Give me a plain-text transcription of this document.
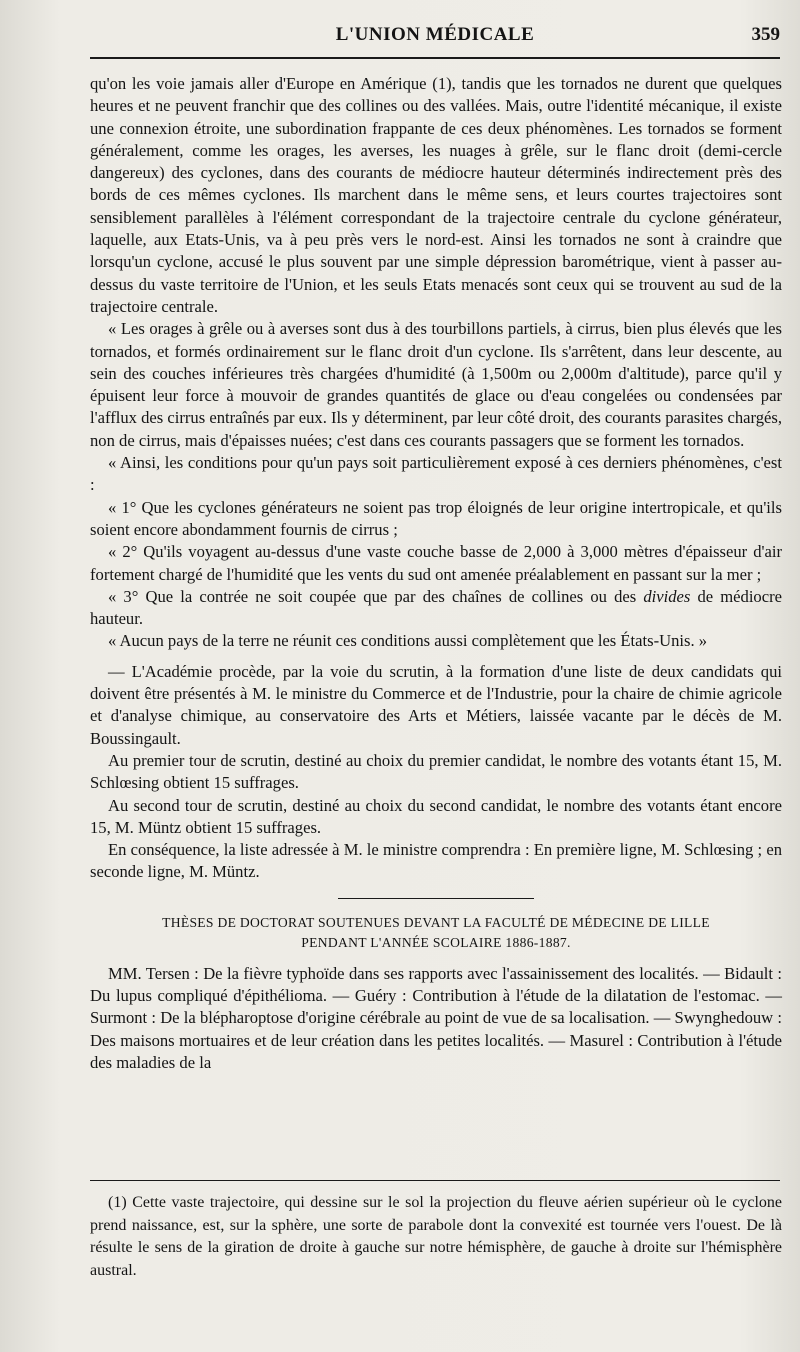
L'UNION MÉDICALE	359

qu'on les voie jamais aller d'Europe en Amérique (1), tandis que les tornados ne durent que quelques heures et ne peuvent franchir que des collines ou des vallées. Mais, outre l'identité mécanique, il existe une connexion étroite, une subordination frappante de ces deux phénomènes. Les tornados se forment généralement, comme les orages, les averses, les nuages à grêle, sur le flanc droit (demi-cercle dangereux) des cyclones, dans des courants de médiocre hauteur déterminés indirectement près des bords de ces mêmes cyclones. Ils marchent dans le même sens, et leurs courtes trajectoires sont sensiblement parallèles à l'élément correspondant de la trajectoire centrale du cyclone générateur, laquelle, aux Etats-Unis, va à peu près vers le nord-est. Ainsi les tornados ne sont à craindre que lorsqu'un cyclone, accusé le plus souvent par une simple dépression barométrique, vient à passer au-dessus du vaste territoire de l'Union, et les seuls Etats menacés sont ceux qui se trouvent au sud de la trajectoire centrale.

« Les orages à grêle ou à averses sont dus à des tourbillons partiels, à cirrus, bien plus élevés que les tornados, et formés ordinairement sur le flanc droit d'un cyclone. Ils s'arrêtent, dans leur descente, au sein des couches inférieures très chargées d'humidité (à 1,500m ou 2,000m d'altitude), parce qu'il y épuisent leur force à mouvoir de grandes quantités de glace ou d'eau congelées ou condensées par l'afflux des cirrus entraînés par eux. Ils y déterminent, par leur côté droit, des courants parasites chargés, non de cirrus, mais d'épaisses nuées; c'est dans ces courants passagers que se forment les tornados.

« Ainsi, les conditions pour qu'un pays soit particulièrement exposé à ces derniers phénomènes, c'est :

« 1° Que les cyclones générateurs ne soient pas trop éloignés de leur origine intertropicale, et qu'ils soient encore abondamment fournis de cirrus ;

« 2° Qu'ils voyagent au-dessus d'une vaste couche basse de 2,000 à 3,000 mètres d'épaisseur d'air fortement chargé de l'humidité que les vents du sud ont amenée préalablement en passant sur la mer ;

« 3° Que la contrée ne soit coupée que par des chaînes de collines ou des divides de médiocre hauteur.

« Aucun pays de la terre ne réunit ces conditions aussi complètement que les États-Unis. »

— L'Académie procède, par la voie du scrutin, à la formation d'une liste de deux candidats qui doivent être présentés à M. le ministre du Commerce et de l'Industrie, pour la chaire de chimie agricole et d'analyse chimique, au conservatoire des Arts et Métiers, laissée vacante par le décès de M. Boussingault.

Au premier tour de scrutin, destiné au choix du premier candidat, le nombre des votants étant 15, M. Schlœsing obtient 15 suffrages.

Au second tour de scrutin, destiné au choix du second candidat, le nombre des votants étant encore 15, M. Müntz obtient 15 suffrages.

En conséquence, la liste adressée à M. le ministre comprendra : En première ligne, M. Schlœsing ; en seconde ligne, M. Müntz.

THÈSES DE DOCTORAT SOUTENUES DEVANT LA FACULTÉ DE MÉDECINE DE LILLE
PENDANT L'ANNÉE SCOLAIRE 1886-1887.

MM. Tersen : De la fièvre typhoïde dans ses rapports avec l'assainissement des localités. — Bidault : Du lupus compliqué d'épithélioma. — Guéry : Contribution à l'étude de la dilatation de l'estomac. — Surmont : De la blépharoptose d'origine cérébrale au point de vue de sa localisation. — Swynghedouw : Des maisons mortuaires et de leur création dans les petites localités. — Masurel : Contribution à l'étude des maladies de la

(1) Cette vaste trajectoire, qui dessine sur le sol la projection du fleuve aérien supérieur où le cyclone prend naissance, est, sur la sphère, une sorte de parabole dont la convexité est tournée vers l'ouest. De là résulte le sens de la giration de droite à gauche sur notre hémisphère, de gauche à droite sur l'hémisphère austral.
